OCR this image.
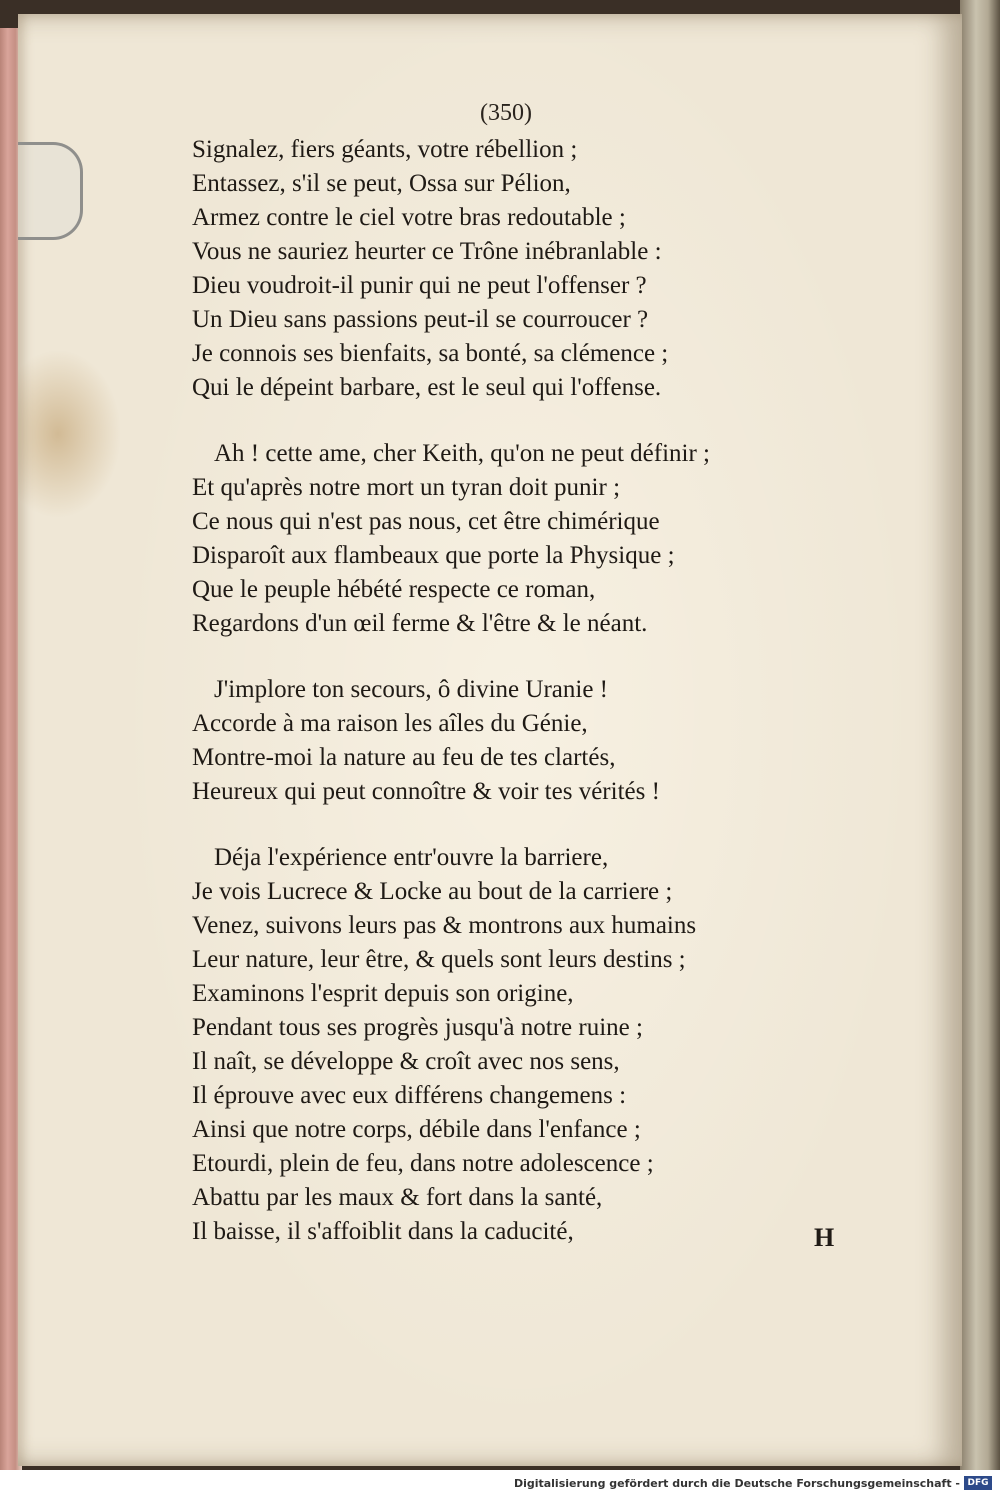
(350)
Signalez, fiers géants, votre rébellion ;
Entassez, s'il se peut, Ossa sur Pélion,
Armez contre le ciel votre bras redoutable ;
Vous ne sauriez heurter ce Trône inébranlable :
Dieu voudroit-il punir qui ne peut l'offenser ?
Un Dieu sans passions peut-il se courroucer ?
Je connois ses bienfaits, sa bonté, sa clémence ;
Qui le dépeint barbare, est le seul qui l'offense.
Ah ! cette ame, cher Keith, qu'on ne peut définir ;
Et qu'après notre mort un tyran doit punir ;
Ce nous qui n'est pas nous, cet être chimérique
Disparoît aux flambeaux que porte la Physique ;
Que le peuple hébété respecte ce roman,
Regardons d'un œil ferme & l'être & le néant.
J'implore ton secours, ô divine Uranie !
Accorde à ma raison les aîles du Génie,
Montre-moi la nature au feu de tes clartés,
Heureux qui peut connoître & voir tes vérités !
Déja l'expérience entr'ouvre la barriere,
Je vois Lucrece & Locke au bout de la carriere ;
Venez, suivons leurs pas & montrons aux humains
Leur nature, leur être, & quels sont leurs destins ;
Examinons l'esprit depuis son origine,
Pendant tous ses progrès jusqu'à notre ruine ;
Il naît, se développe & croît avec nos sens,
Il éprouve avec eux différens changemens :
Ainsi que notre corps, débile dans l'enfance ;
Etourdi, plein de feu, dans notre adolescence ;
Abattu par les maux & fort dans la santé,
Il baisse, il s'affoiblit dans la caducité,	H
Digitalisierung gefördert durch die Deutsche Forschungsgemeinschaft - DFG
